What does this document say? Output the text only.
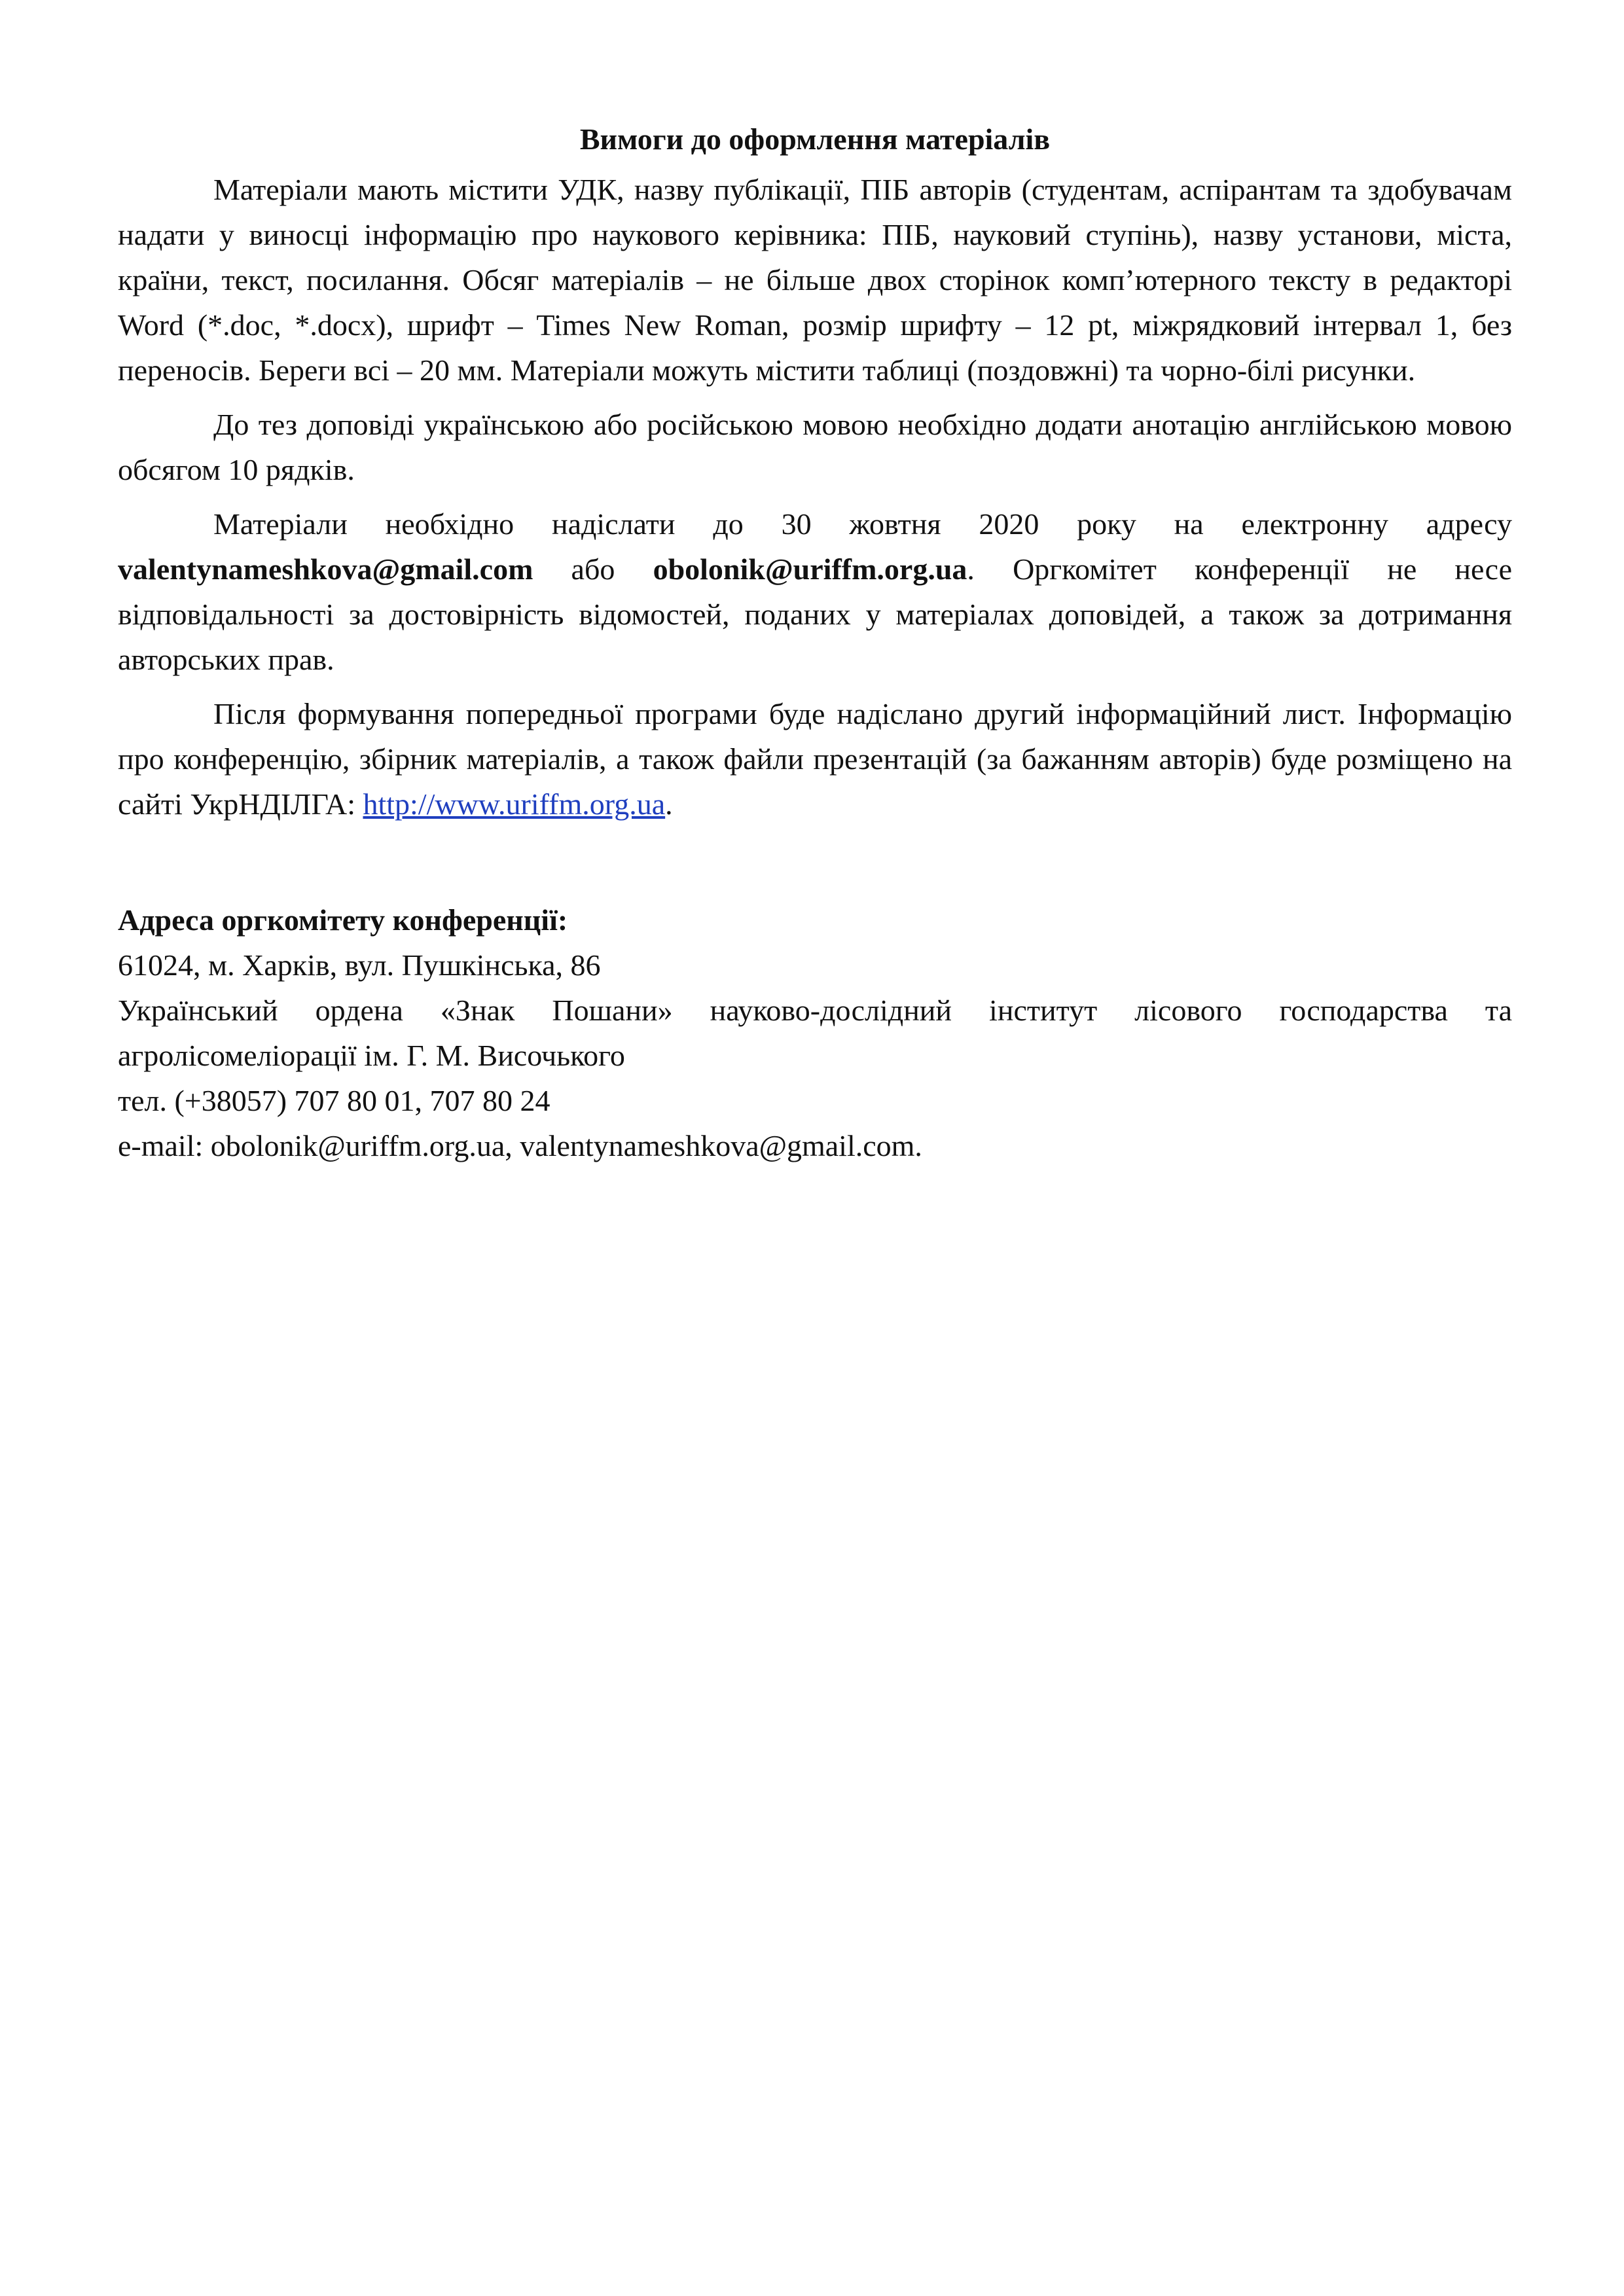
Вимоги до оформлення матеріалів

Матеріали мають містити УДК, назву публікації, ПІБ авторів (студентам, аспірантам та здобувачам надати у виносці інформацію про наукового керівника: ПІБ, науковий ступінь), назву установи, міста, країни, текст, посилання. Обсяг матеріалів – не більше двох сторінок комп’ютерного тексту в редакторі Word (*.doc, *.docx), шрифт – Times New Roman, розмір шрифту – 12 pt, міжрядковий інтервал 1, без переносів. Береги всі – 20 мм. Матеріали можуть містити таблиці (поздовжні) та чорно-білі рисунки.

До тез доповіді українською або російською мовою необхідно додати анотацію англійською мовою обсягом 10 рядків.

Матеріали необхідно надіслати до 30 жовтня 2020 року на електронну адресу valentynameshkova@gmail.com або obolonik@uriffm.org.ua. Оргкомітет конференції не несе відповідальності за достовірність відомостей, поданих у матеріалах доповідей, а також за дотримання авторських прав.

Після формування попередньої програми буде надіслано другий інформаційний лист. Інформацію про конференцію, збірник матеріалів, а також файли презентацій (за бажанням авторів) буде розміщено на сайті УкрНДІЛГА: http://www.uriffm.org.ua.

Адреса оргкомітету конференції:

61024, м. Харків, вул. Пушкінська, 86

Український ордена «Знак Пошани» науково-дослідний інститут лісового господарства та агролісомеліорації ім. Г. М. Височького

тел. (+38057) 707 80 01, 707 80 24

e-mail: obolonik@uriffm.org.ua, valentynameshkova@gmail.com.
